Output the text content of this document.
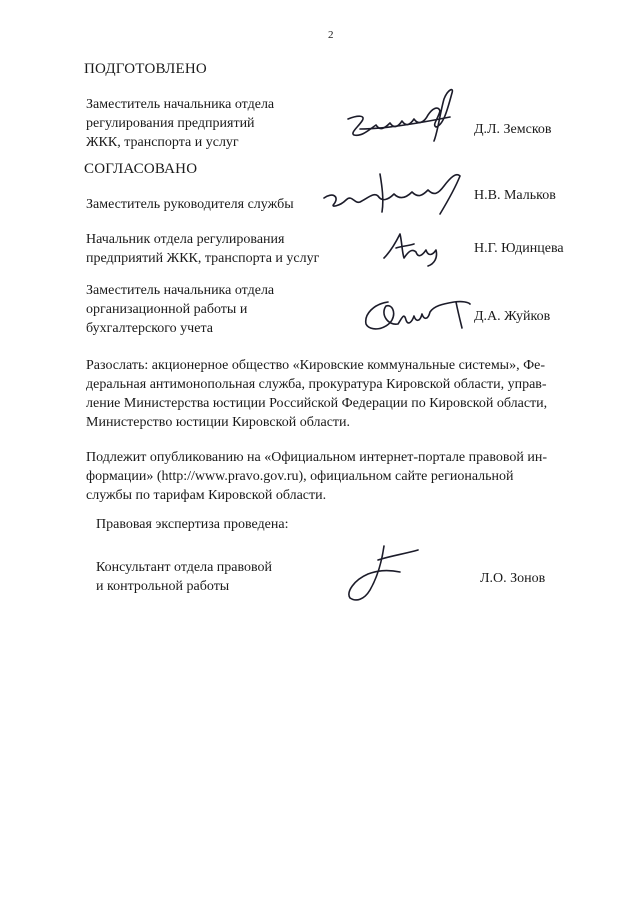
2
ПОДГОТОВЛЕНО
Заместитель начальника отдела
регулирования предприятий
ЖКК, транспорта и услуг
Д.Л. Земсков
СОГЛАСОВАНО
Заместитель руководителя службы
Н.В. Мальков
Начальник отдела регулирования
предприятий ЖКК, транспорта и услуг
Н.Г. Юдинцева
Заместитель начальника отдела
организационной работы и
бухгалтерского учета
Д.А. Жуйков
Разослать: акционерное общество «Кировские коммунальные системы», Фе-
деральная антимонопольная служба, прокуратура Кировской области, управ-
ление Министерства юстиции Российской Федерации по Кировской области,
Министерство юстиции Кировской области.
Подлежит опубликованию на «Официальном интернет-портале правовой ин-
формации» (http://www.pravo.gov.ru), официальном сайте региональной
службы по тарифам Кировской области.
Правовая экспертиза проведена:
Консультант отдела правовой
и контрольной работы
Л.О. Зонов
